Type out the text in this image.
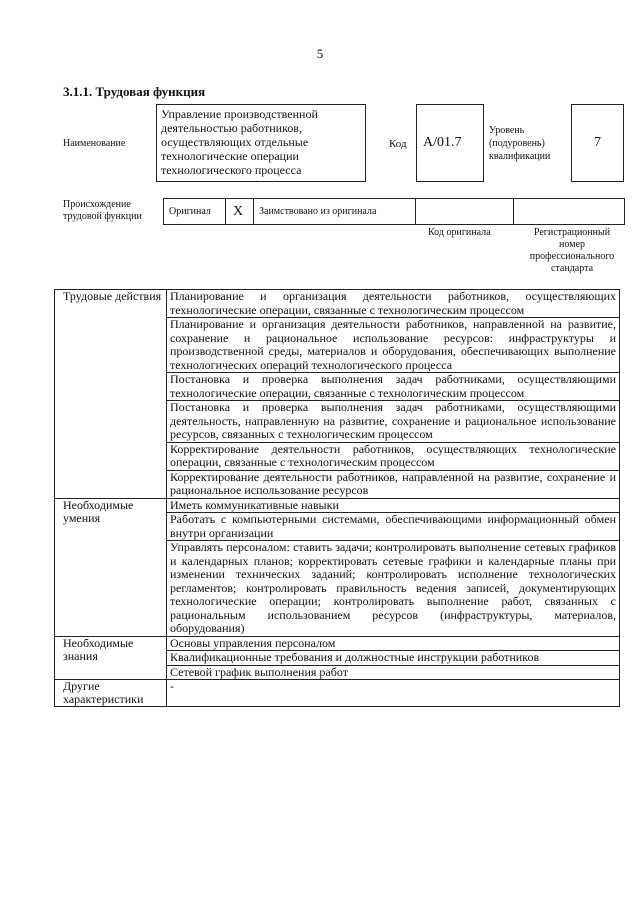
5
3.1.1. Трудовая функция
Наименование
Управление производственной деятельностью работников, осуществляющих отдельные технологические операции технологического процесса
Код	А/01.7
Уровень (подуровень) квалификации
7
Происхождение трудовой функции	Оригинал	X	Заимствовано из оригинала
Код оригинала	Регистрационный номер профессионального стандарта
Трудовые действия	Планирование и организация деятельности работников, осуществляющих технологические операции, связанные с технологическим процессом
	Планирование и организация деятельности работников, направленной на развитие, сохранение и рациональное использование ресурсов: инфраструктуры и производственной среды, материалов и оборудования, обеспечивающих выполнение технологических операций технологического процесса
	Постановка и проверка выполнения задач работниками, осуществляющими технологические операции, связанные с технологическим процессом
	Постановка и проверка выполнения задач работниками, осуществляющими деятельность, направленную на развитие, сохранение и рациональное использование ресурсов, связанных с технологическим процессом
	Корректирование деятельности работников, осуществляющих технологические операции, связанные с технологическим процессом
	Корректирование деятельности работников, направленной на развитие, сохранение и рациональное использование ресурсов
Необходимые умения	Иметь коммуникативные навыки
	Работать с компьютерными системами, обеспечивающими информационный обмен внутри организации
	Управлять персоналом: ставить задачи; контролировать выполнение сетевых графиков и календарных планов; корректировать сетевые графики и календарные планы при изменении технических заданий; контролировать исполнение технологических регламентов; контролировать правильность ведения записей, документирующих технологические операции; контролировать выполнение работ, связанных с рациональным использованием ресурсов (инфраструктуры, материалов, оборудования)
Необходимые знания	Основы управления персоналом
	Квалификационные требования и должностные инструкции работников
	Сетевой график выполнения работ
Другие характеристики	-
